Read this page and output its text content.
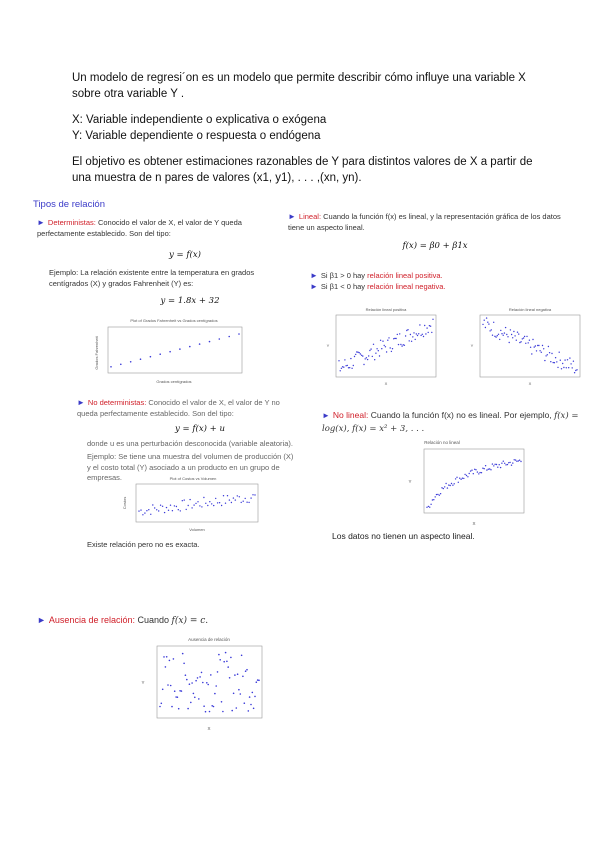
Un modelo de regresi´on es un modelo que permite describir cómo influye una variable X sobre otra variable Y .

X: Variable independiente o explicativa o exógena
Y: Variable dependiente o respuesta o endógena

El objetivo es obtener estimaciones razonables de Y para distintos valores de X a partir de una muestra de n pares de valores (x1, y1), . . . ,(xn, yn).

Tipos de relación
► Deterministas: Conocido el valor de X, el valor de Y queda perfectamente establecido. Son del tipo:
y = f(x)
Ejemplo: La relación existente entre la temperatura en grados centígrados (X) y grados Fahrenheit (Y) es:
y = 1.8x + 32
Plot of Grados Fahrenheit vs Grados centígrados
Grados centígrados
Grados Fahrenheit
► No deterministas: Conocido el valor de X, el valor de Y no queda perfectamente establecido. Son del tipo:
y = f(x) + u
donde u es una perturbación desconocida (variable aleatoria).
Ejemplo: Se tiene una muestra del volumen de producción (X) y el costo total (Y) asociado a un producto en un grupo de empresas.	Plot of Costos vs Volumen
Volumen
Costos
Existe relación pero no es exacta.
► Lineal: Cuando la función f(x) es lineal, y la representación gráfica de los datos tiene un aspecto lineal.
f(x) = β0 + β1x
► Si β1 > 0 hay relación lineal positiva.
► Si β1 < 0 hay relación lineal negativa.
Relación lineal positiva
X
Y
Relación lineal negativa
X
Y
► No lineal: Cuando la función f(x) no es lineal. Por ejemplo, f(x) = log(x), f(x) = x² + 3, . . .
Relación no lineal
X
Y
Los datos no tienen un aspecto lineal.
► Ausencia de relación: Cuando f(x) = c.
Ausencia de relación
X
Y
